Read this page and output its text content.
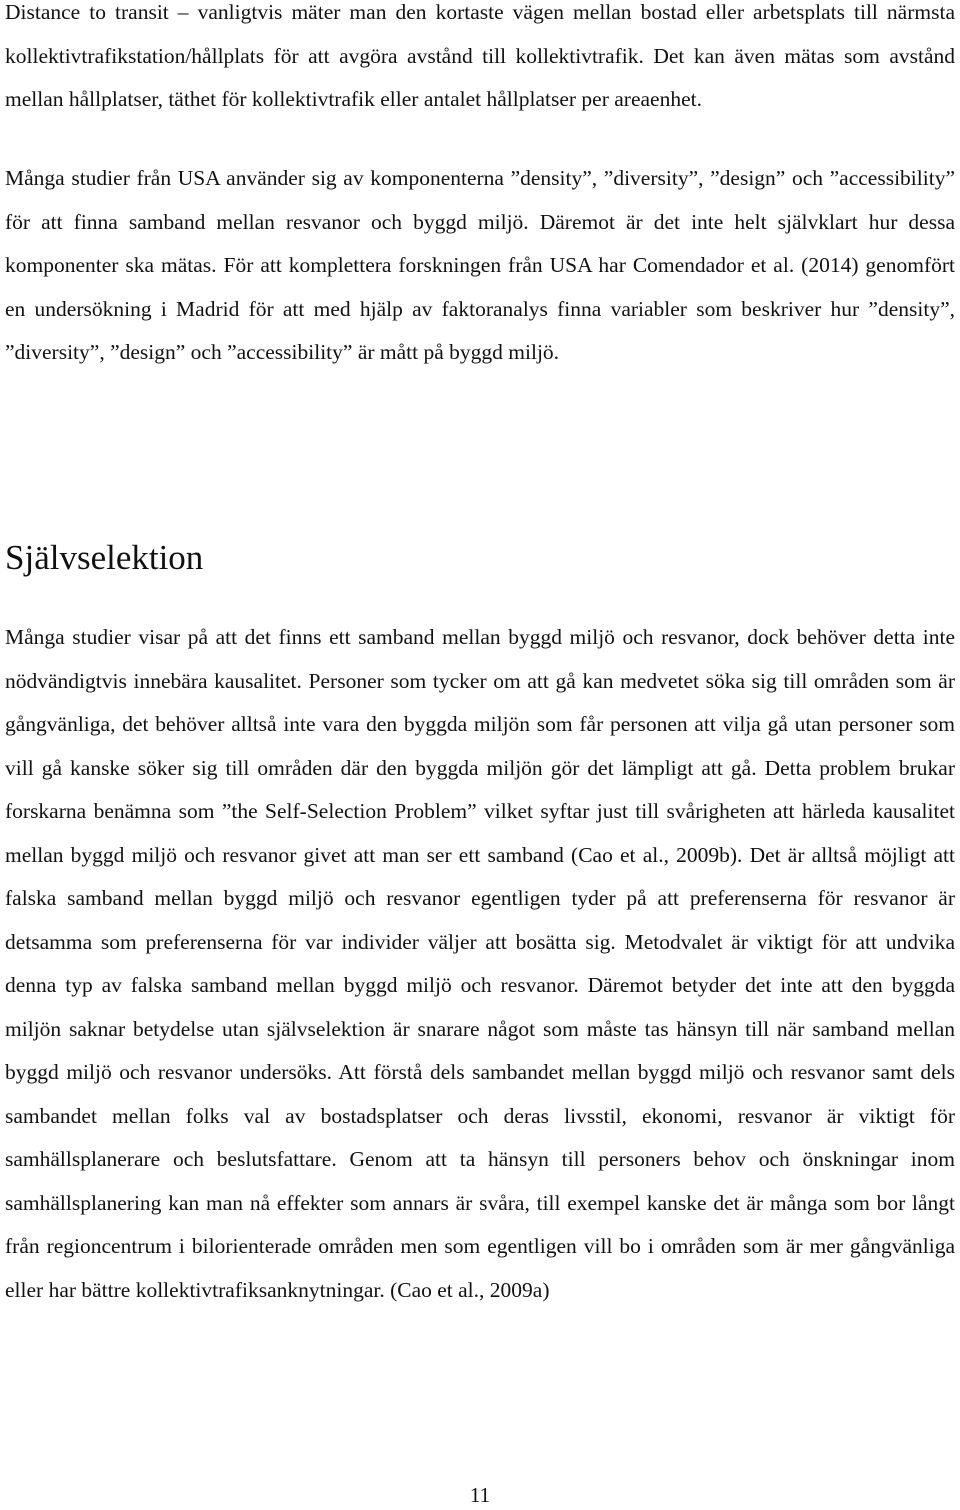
Distance to transit – vanligtvis mäter man den kortaste vägen mellan bostad eller arbetsplats till närmsta kollektivtrafikstation/hållplats för att avgöra avstånd till kollektivtrafik. Det kan även mätas som avstånd mellan hållplatser, täthet för kollektivtrafik eller antalet hållplatser per areaenhet.

Många studier från USA använder sig av komponenterna ”density”, ”diversity”, ”design” och ”accessibility” för att finna samband mellan resvanor och byggd miljö. Däremot är det inte helt självklart hur dessa komponenter ska mätas. För att komplettera forskningen från USA har Comendador et al. (2014) genomfört en undersökning i Madrid för att med hjälp av faktoranalys finna variabler som beskriver hur ”density”, ”diversity”, ”design” och ”accessibility” är mått på byggd miljö.

Självselektion

Många studier visar på att det finns ett samband mellan byggd miljö och resvanor, dock behöver detta inte nödvändigtvis innebära kausalitet. Personer som tycker om att gå kan medvetet söka sig till områden som är gångvänliga, det behöver alltså inte vara den byggda miljön som får personen att vilja gå utan personer som vill gå kanske söker sig till områden där den byggda miljön gör det lämpligt att gå. Detta problem brukar forskarna benämna som ”the Self-Selection Problem” vilket syftar just till svårigheten att härleda kausalitet mellan byggd miljö och resvanor givet att man ser ett samband (Cao et al., 2009b). Det är alltså möjligt att falska samband mellan byggd miljö och resvanor egentligen tyder på att preferenserna för resvanor är detsamma som preferenserna för var individer väljer att bosätta sig. Metodvalet är viktigt för att undvika denna typ av falska samband mellan byggd miljö och resvanor. Däremot betyder det inte att den byggda miljön saknar betydelse utan självselektion är snarare något som måste tas hänsyn till när samband mellan byggd miljö och resvanor undersöks. Att förstå dels sambandet mellan byggd miljö och resvanor samt dels sambandet mellan folks val av bostadsplatser och deras livsstil, ekonomi, resvanor är viktigt för samhällsplanerare och beslutsfattare. Genom att ta hänsyn till personers behov och önskningar inom samhällsplanering kan man nå effekter som annars är svåra, till exempel kanske det är många som bor långt från regioncentrum i bilorienterade områden men som egentligen vill bo i områden som är mer gångvänliga eller har bättre kollektivtrafiksanknytningar. (Cao et al., 2009a)

11
